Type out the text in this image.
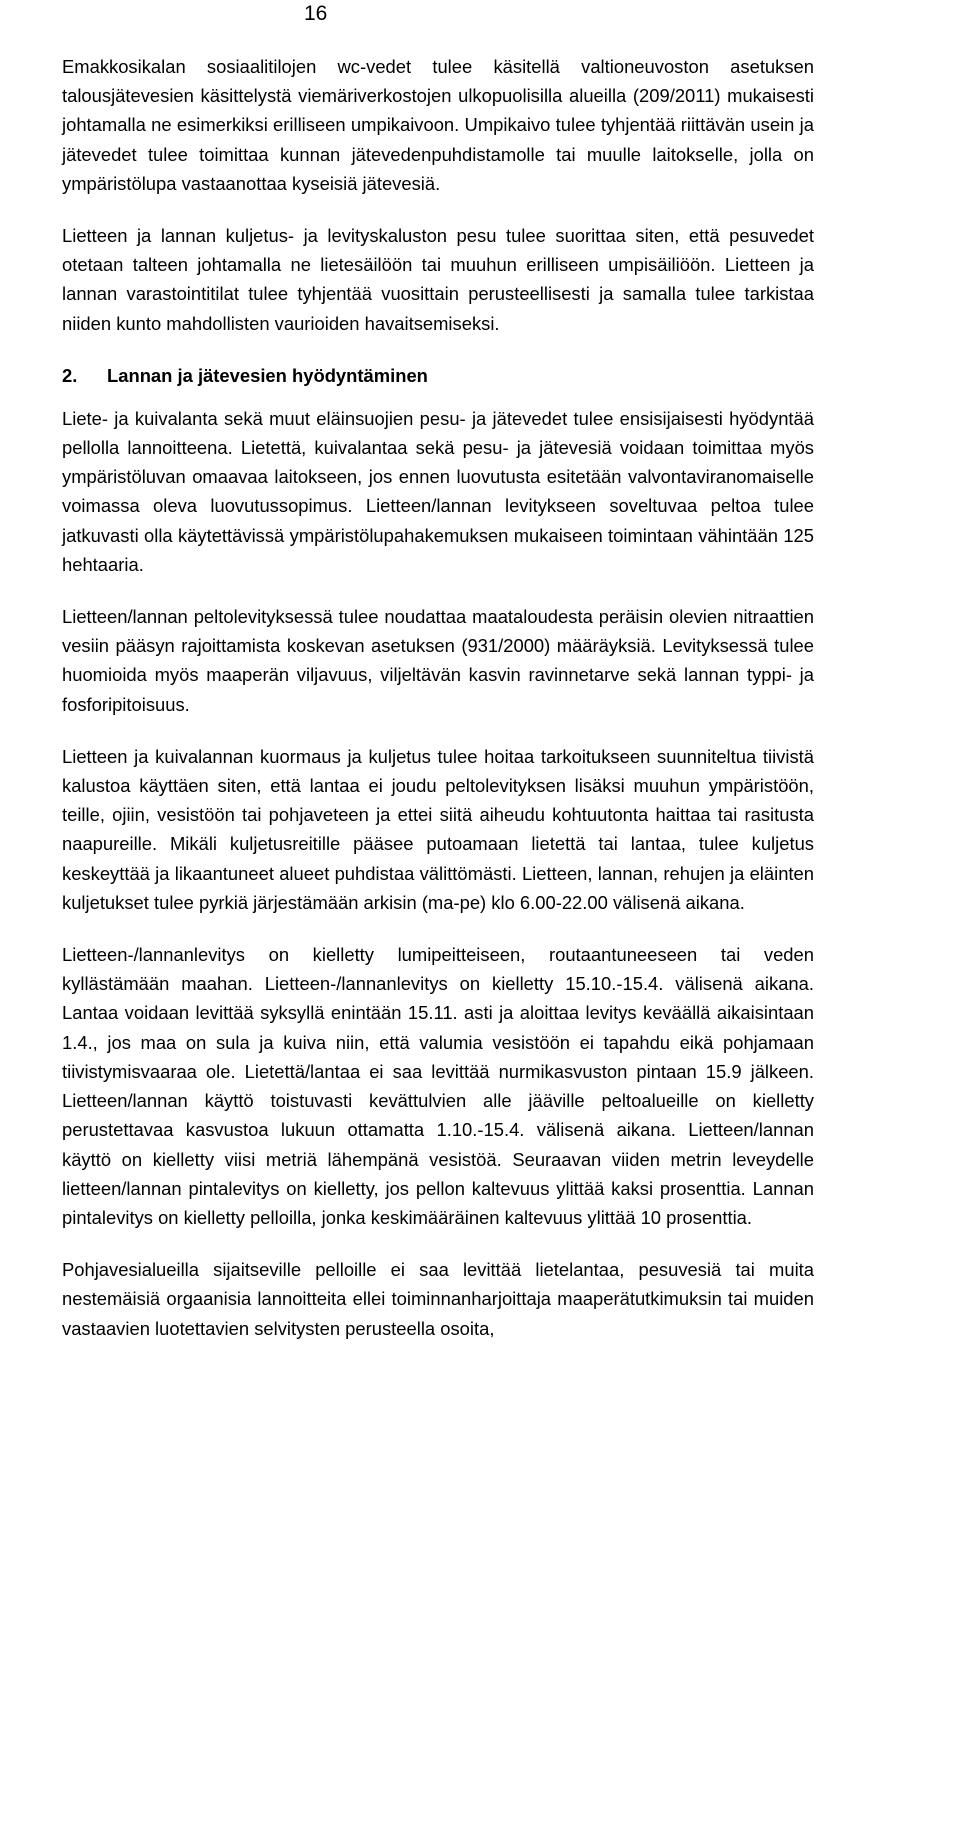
16

Emakkosikalan sosiaalitilojen wc-vedet tulee käsitellä valtioneuvoston asetuksen talousjätevesien käsittelystä viemäriverkostojen ulkopuolisilla alueilla (209/2011) mukaisesti johtamalla ne esimerkiksi erilliseen umpikaivoon. Umpikaivo tulee tyhjentää riittävän usein ja jätevedet tulee toimittaa kunnan jätevedenpuhdistamolle tai muulle laitokselle, jolla on ympäristölupa vastaanottaa kyseisiä jätevesiä.

Lietteen ja lannan kuljetus- ja levityskaluston pesu tulee suorittaa siten, että pesuvedet otetaan talteen johtamalla ne lietesäilöön tai muuhun erilliseen umpisäiliöön. Lietteen ja lannan varastointitilat tulee tyhjentää vuosittain perusteellisesti ja samalla tulee tarkistaa niiden kunto mahdollisten vaurioiden havaitsemiseksi.

2.	Lannan ja jätevesien hyödyntäminen

Liete- ja kuivalanta sekä muut eläinsuojien pesu- ja jätevedet tulee ensisijaisesti hyödyntää pellolla lannoitteena. Lietettä, kuivalantaa sekä pesu- ja jätevesiä voidaan toimittaa myös ympäristöluvan omaavaa laitokseen, jos ennen luovutusta esitetään valvontaviranomaiselle voimassa oleva luovutussopimus. Lietteen/lannan levitykseen soveltuvaa peltoa tulee jatkuvasti olla käytettävissä ympäristölupahakemuksen mukaiseen toimintaan vähintään 125 hehtaaria.

Lietteen/lannan peltolevityksessä tulee noudattaa maataloudesta peräisin olevien nitraattien vesiin pääsyn rajoittamista koskevan asetuksen (931/2000) määräyksiä. Levityksessä tulee huomioida myös maaperän viljavuus, viljeltävän kasvin ravinnetarve sekä lannan typpi- ja fosforipitoisuus.

Lietteen ja kuivalannan kuormaus ja kuljetus tulee hoitaa tarkoitukseen suunniteltua tiivistä kalustoa käyttäen siten, että lantaa ei joudu peltolevityksen lisäksi muuhun ympäristöön, teille, ojiin, vesistöön tai pohjaveteen ja ettei siitä aiheudu kohtuutonta haittaa tai rasitusta naapureille. Mikäli kuljetusreitille pääsee putoamaan lietettä tai lantaa, tulee kuljetus keskeyttää ja likaantuneet alueet puhdistaa välittömästi. Lietteen, lannan, rehujen ja eläinten kuljetukset tulee pyrkiä järjestämään arkisin (ma-pe) klo 6.00-22.00 välisenä aikana.

Lietteen-/lannanlevitys on kielletty lumipeitteiseen, routaantuneeseen tai veden kyllästämään maahan. Lietteen-/lannanlevitys on kielletty 15.10.-15.4. välisenä aikana. Lantaa voidaan levittää syksyllä enintään 15.11. asti ja aloittaa levitys keväällä aikaisintaan 1.4., jos maa on sula ja kuiva niin, että valumia vesistöön ei tapahdu eikä pohjamaan tiivistymisvaaraa ole. Lietettä/lantaa ei saa levittää nurmikasvuston pintaan 15.9 jälkeen. Lietteen/lannan käyttö toistuvasti kevättulvien alle jääville peltoalueille on kielletty perustettavaa kasvustoa lukuun ottamatta 1.10.-15.4. välisenä aikana. Lietteen/lannan käyttö on kielletty viisi metriä lähempänä vesistöä. Seuraavan viiden metrin leveydelle lietteen/lannan pintalevitys on kielletty, jos pellon kaltevuus ylittää kaksi prosenttia. Lannan pintalevitys on kielletty pelloilla, jonka keskimääräinen kaltevuus ylittää 10 prosenttia.

Pohjavesialueilla sijaitseville pelloille ei saa levittää lietelantaa, pesuvesiä tai muita nestemäisiä orgaanisia lannoitteita ellei toiminnanharjoittaja maaperätutkimuksin tai muiden vastaavien luotettavien selvitysten perusteella osoita,
